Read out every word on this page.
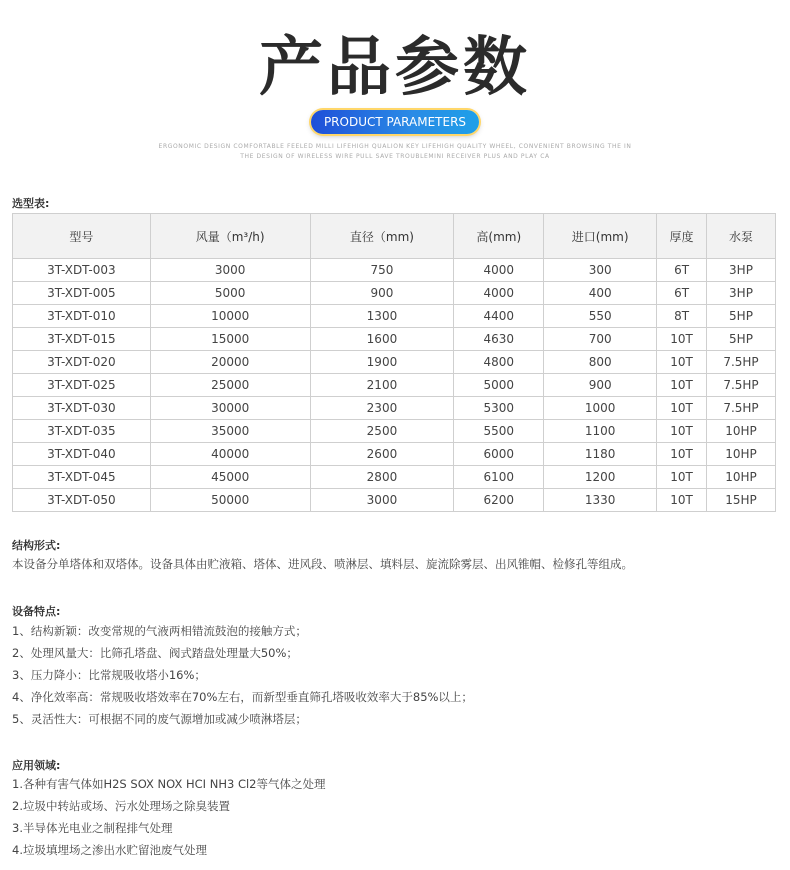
产品参数
PRODUCT PARAMETERS
ERGONOMIC DESIGN COMFORTABLE FEELED MILLI LIFEHIGH QUALION KEY LIFEHIGH QUALITY WHEEL, CONVENIENT BROWSING THE IN
THE DESIGN OF WIRELESS WIRE PULL SAVE TROUBLEMINI RECEIVER PLUS AND PLAY CA
选型表:
型号	风量（m³/h)	直径（mm)	高(mm)	进口(mm)	厚度	水泵
3T-XDT-003	3000	750	4000	300	6T	3HP
3T-XDT-005	5000	900	4000	400	6T	3HP
3T-XDT-010	10000	1300	4400	550	8T	5HP
3T-XDT-015	15000	1600	4630	700	10T	5HP
3T-XDT-020	20000	1900	4800	800	10T	7.5HP
3T-XDT-025	25000	2100	5000	900	10T	7.5HP
3T-XDT-030	30000	2300	5300	1000	10T	7.5HP
3T-XDT-035	35000	2500	5500	1100	10T	10HP
3T-XDT-040	40000	2600	6000	1180	10T	10HP
3T-XDT-045	45000	2800	6100	1200	10T	10HP
3T-XDT-050	50000	3000	6200	1330	10T	15HP
结构形式:
本设备分单塔体和双塔体。设备具体由贮液箱、塔体、进风段、喷淋层、填料层、旋流除雾层、出风锥帽、检修孔等组成。
设备特点:
1、结构新颖：改变常规的气液两相错流鼓泡的接触方式；
2、处理风量大：比筛孔塔盘、阀式踏盘处理量大50%；
3、压力降小：比常规吸收塔小16%；
4、净化效率高：常规吸收塔效率在70%左右，而新型垂直筛孔塔吸收效率大于85%以上；
5、灵活性大：可根据不同的废气源增加或减少喷淋塔层；
应用领域:
1.各种有害气体如H2S SOX NOX HCI NH3 Cl2等气体之处理
2.垃圾中转站或场、污水处理场之除臭装置
3.半导体光电业之制程排气处理
4.垃圾填埋场之渗出水贮留池废气处理
